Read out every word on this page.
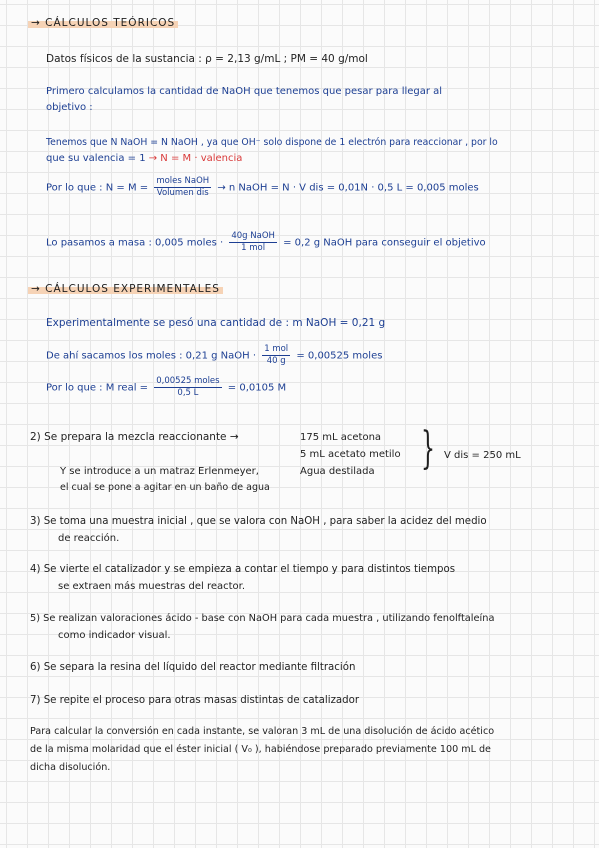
→ CÁLCULOS TEÓRICOS
Datos físicos de la sustancia : ρ = 2,13 g/mL ; PM = 40 g/mol
Primero calculamos la cantidad de NaOH que tenemos que pesar para llegar al
objetivo :
Tenemos que N NaOH = N NaOH , ya que OH⁻ solo dispone de 1 electrón para reaccionar , por lo
que su valencia = 1 → N = M · valencia
Por lo que : $N = M = \frac{\text{moles NaOH}}{\text{Volumen dis}} \to n$ NaOH = N · V dis = 0,01N · 0,5 L = 0,005 moles
Lo pasamos a masa : 0,005 moles · $\frac{\text{40g NaOH}}{\text{1 mol}} = 0,2$ g NaOH para conseguir el objetivo
→ CÁLCULOS EXPERIMENTALES
Experimentalmente se pesó una cantidad de : m NaOH = 0,21 g
De ahí sacamos los moles : 0,21 g NaOH · $\frac{\text{1 mol}}{40 g} = 0,00525$ moles
Por lo que : M real = $\frac{\text{0,00525 moles}}{0,5 L} = 0,0105$ M
2) Se prepara la mezcla reaccionante →	175 mL acetona
5 mL acetato metilo
Agua destilada } V dis = 250 mL
Y se introduce a un matraz Erlenmeyer,
el cual se pone a agitar en un baño de agua
3) Se toma una muestra inicial , que se valora con NaOH , para saber la acidez del medio
de reacción.
4) Se vierte el catalizador y se empieza a contar el tiempo y para distintos tiempos
se extraen más muestras del reactor.
5) Se realizan valoraciones ácido - base con NaOH para cada muestra , utilizando fenolftaleína
como indicador visual.
6) Se separa la resina del líquido del reactor mediante filtración
7) Se repite el proceso para otras masas distintas de catalizador
Para calcular la conversión en cada instante, se valoran 3 mL de una disolución de ácido acético
de la misma molaridad que el éster inicial ( V₀ ), habiéndose preparado previamente 100 mL de
dicha disolución.
